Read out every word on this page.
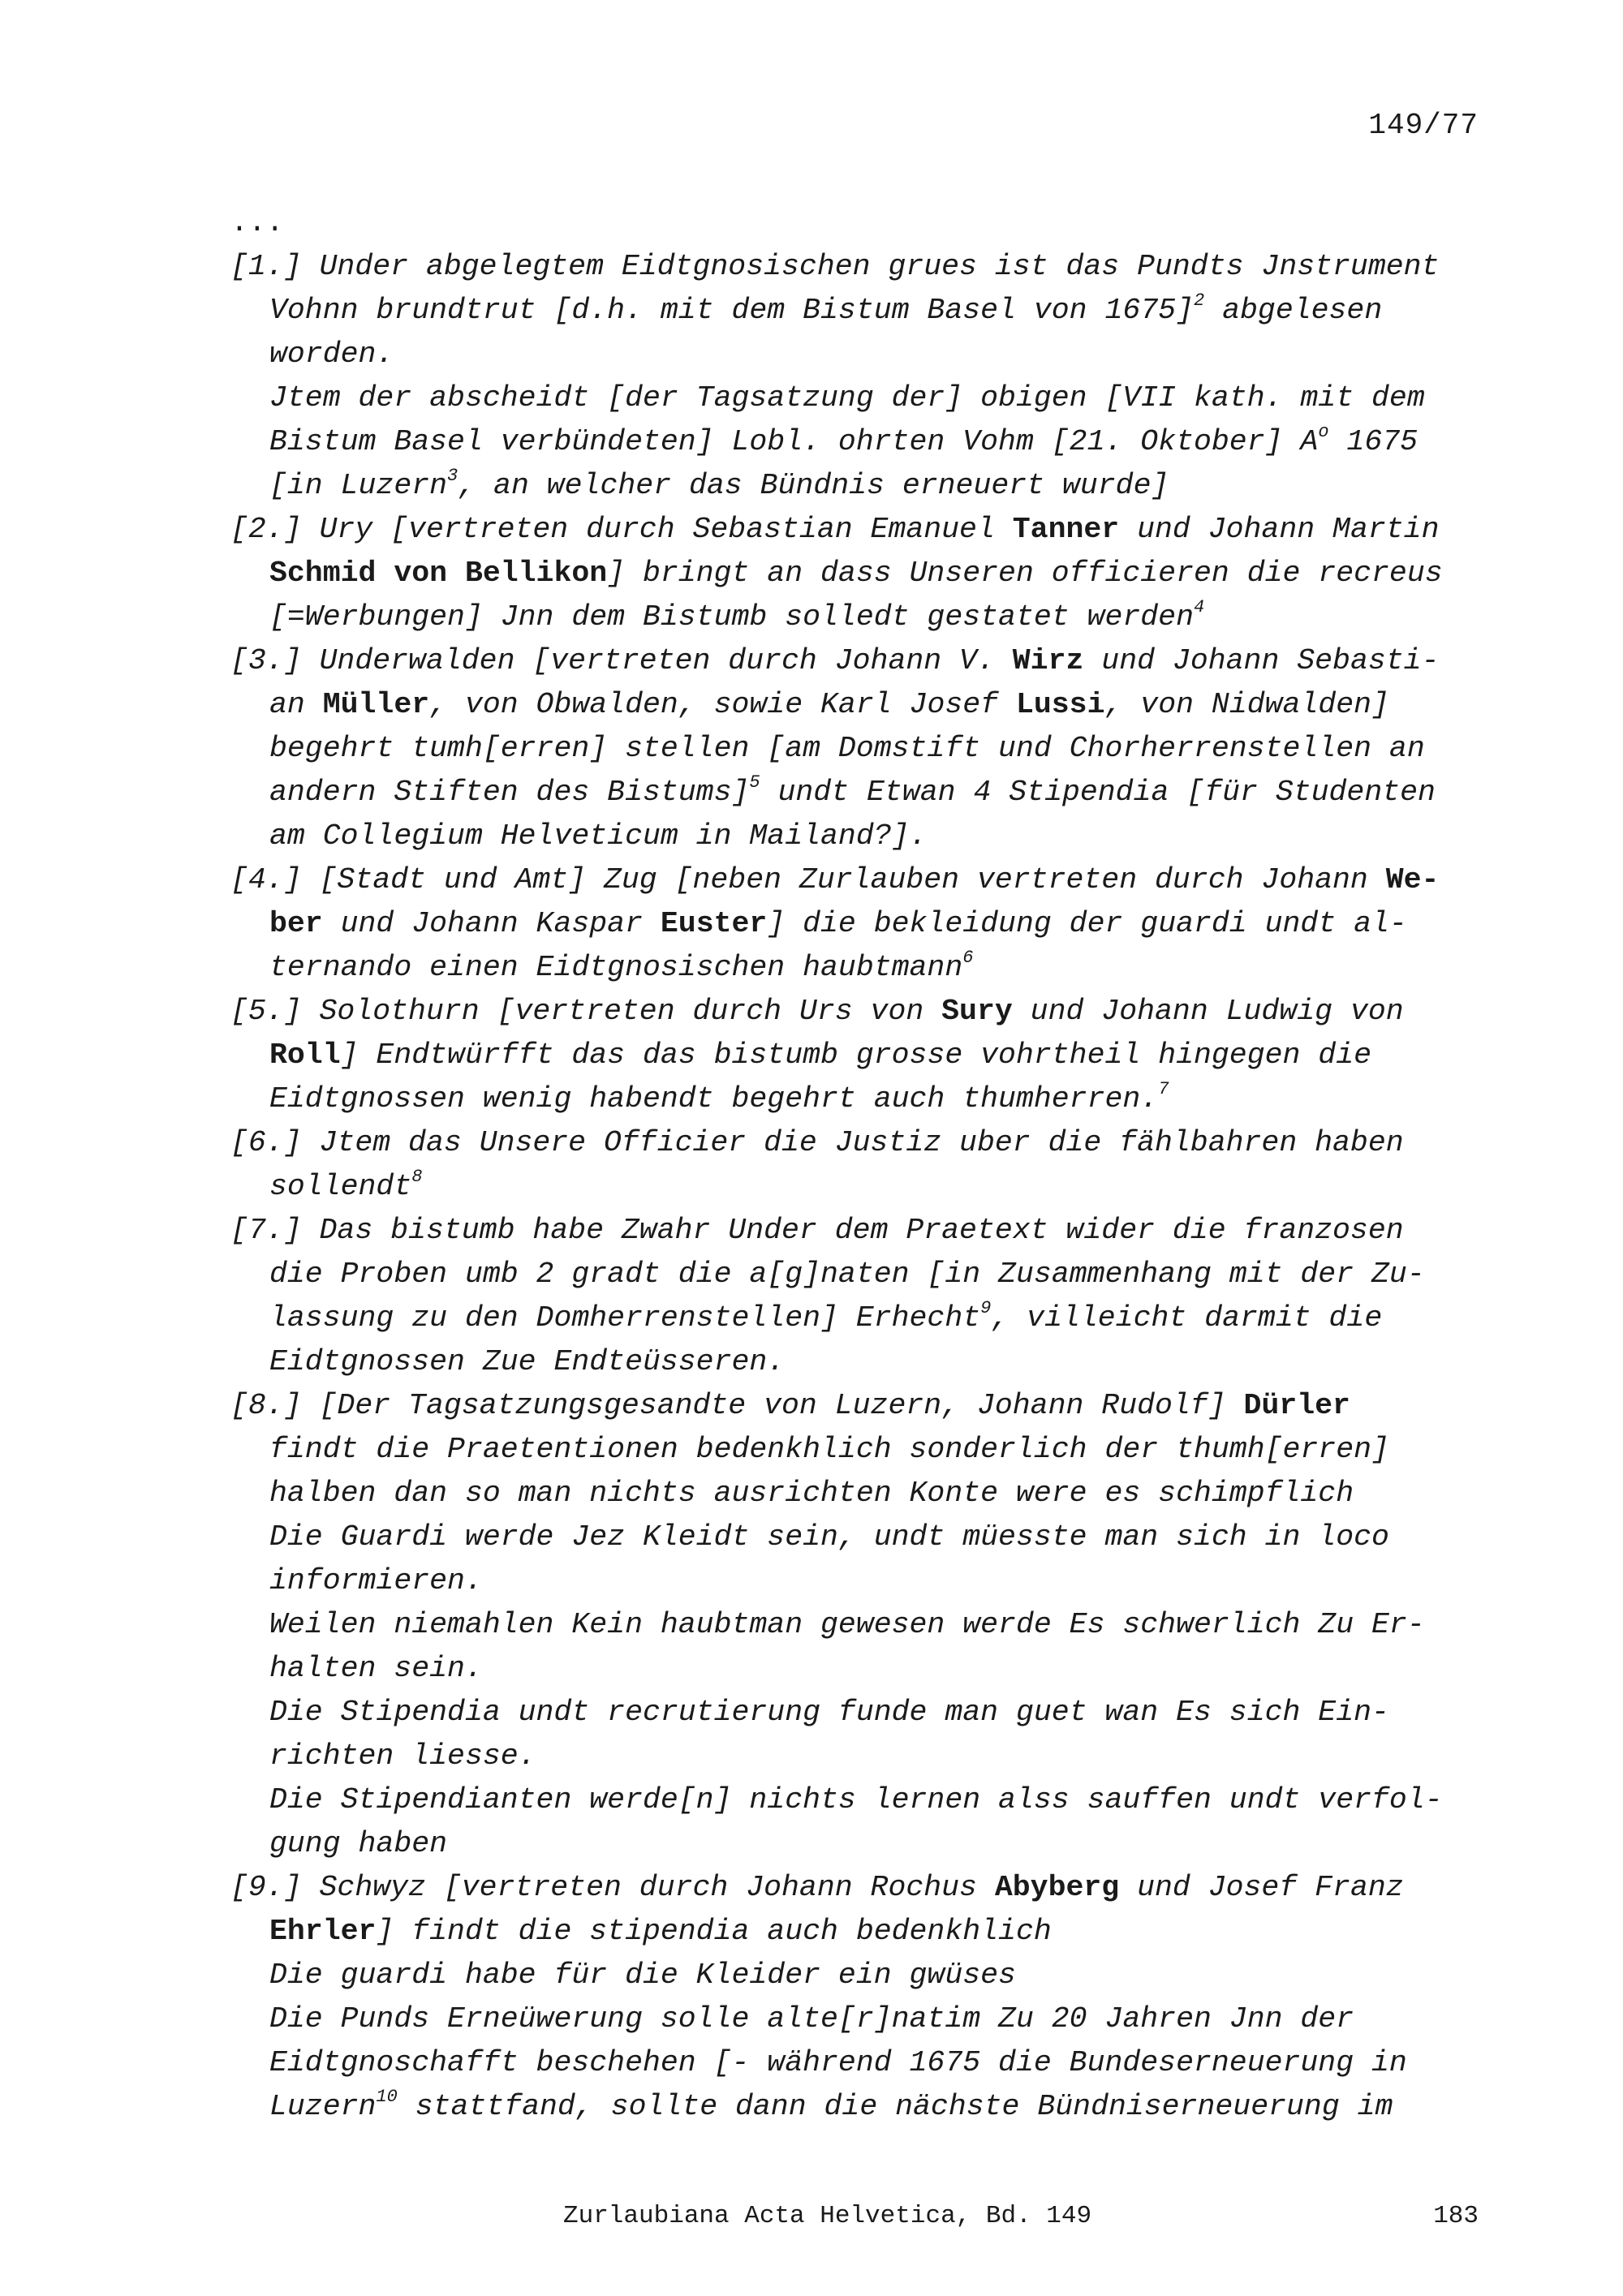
149/77
...
[1.] Under abgelegtem Eidtgnosischen grues ist das Pundts Jnstrument
Vohnn brundtrut [d.h. mit dem Bistum Basel von 1675]$^2$ abgelesen
worden.
Jtem der abscheidt [der Tagsatzung der] obigen [VII kath. mit dem
Bistum Basel verbündeten] Lobl. ohrten Vohm [21. Oktober] $A^o$ 1675
[in Luzern$^3$, an welcher das Bündnis erneuert wurde]
[2.] Ury [vertreten durch Sebastian Emanuel Tanner und Johann Martin
Schmid von Bellikon] bringt an dass Unseren officieren die recreus
[=Werbungen] Jnn dem Bistumb solledt gestatet werden$^4$
[3.] Underwalden [vertreten durch Johann V. Wirz und Johann Sebasti-
an Müller, von Obwalden, sowie Karl Josef Lussi, von Nidwalden]
begehrt tumh[erren] stellen [am Domstift und Chorherrenstellen an
andern Stiften des Bistums]$^5$ undt Etwan 4 Stipendia [für Studenten
am Collegium Helveticum in Mailand?].
[4.] [Stadt und Amt] Zug [neben Zurlauben vertreten durch Johann We-
ber und Johann Kaspar Euster] die bekleidung der guardi undt al-
ternando einen Eidtgnosischen haubtmann$^6$
[5.] Solothurn [vertreten durch Urs von Sury und Johann Ludwig von
Roll] Endtwürfft das das bistumb grosse vohrtheil hingegen die
Eidtgnossen wenig habendt begehrt auch thumherren.$^7$
[6.] Jtem das Unsere Officier die Justiz uber die fählbahren haben
sollendt$^8$
[7.] Das bistumb habe Zwahr Under dem Praetext wider die franzosen
die Proben umb 2 gradt die a[g]naten [in Zusammenhang mit der Zu-
lassung zu den Domherrenstellen] Erhecht$^9$, villeicht darmit die
Eidtgnossen Zue Endteüsseren.
[8.] [Der Tagsatzungsgesandte von Luzern, Johann Rudolf] Dürler
findt die Praetentionen bedenkhlich sonderlich der thumh[erren]
halben dan so man nichts ausrichten Konte were es schimpflich
Die Guardi werde Jez Kleidt sein, undt müesste man sich in loco
informieren.
Weilen niemahlen Kein haubtman gewesen werde Es schwerlich Zu Er-
halten sein.
Die Stipendia undt recrutierung funde man guet wan Es sich Ein-
richten liesse.
Die Stipendianten werde[n] nichts lernen alss sauffen undt verfol-
gung haben
[9.] Schwyz [vertreten durch Johann Rochus Abyberg und Josef Franz
Ehrler] findt die stipendia auch bedenkhlich
Die guardi habe für die Kleider ein gwüses
Die Punds Erneüwerung solle alte[r]natim Zu 20 Jahren Jnn der
Eidtgnoschafft beschehen [- während 1675 die Bundeserneuerung in
Luzern$^{10}$ stattfand, sollte dann die nächste Bündniserneuerung im
Zurlaubiana Acta Helvetica, Bd. 149	183
